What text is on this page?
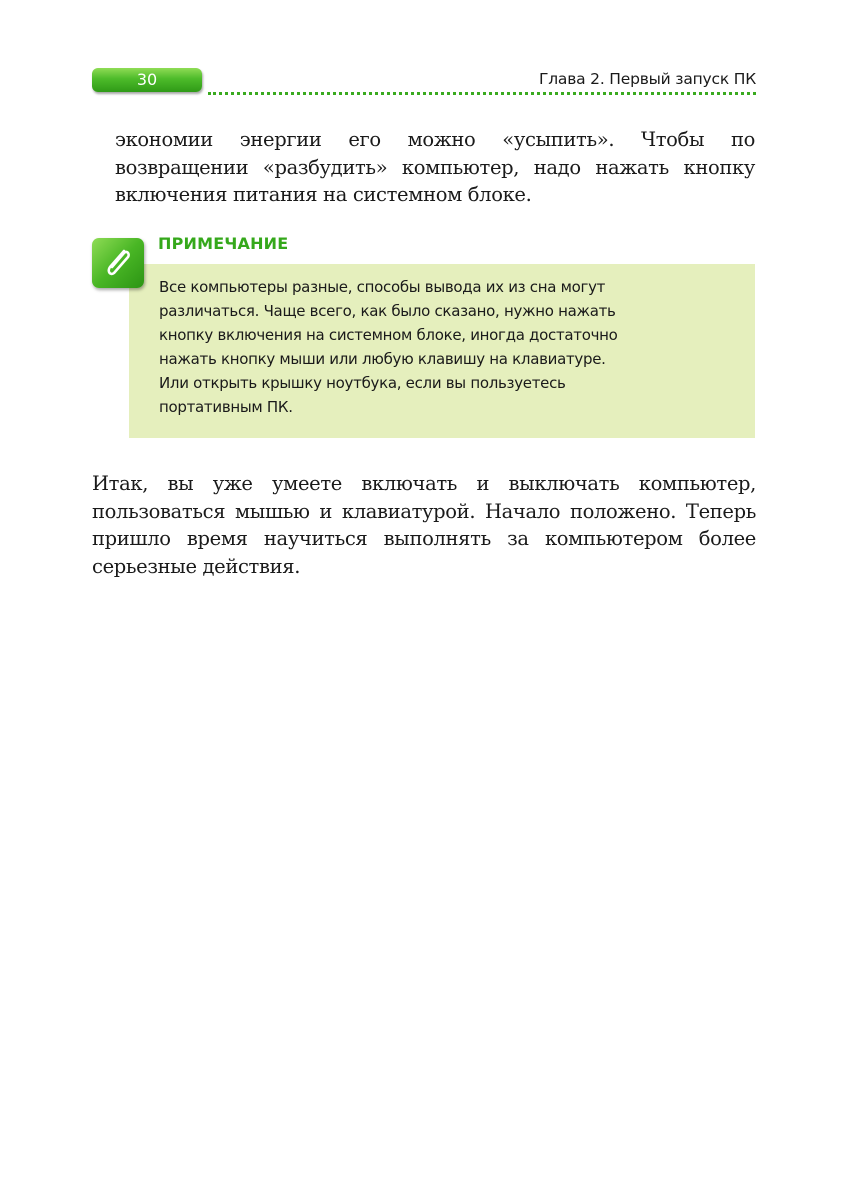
30	Глава 2. Первый запуск ПК

экономии энергии его можно «усыпить». Чтобы по возвращении «разбудить» компьютер, надо нажать кнопку включения питания на системном блоке.

Все компьютеры разные, способы вывода их из сна могут
различаться. Чаще всего, как было сказано, нужно нажать
кнопку включения на системном блоке, иногда достаточно
нажать кнопку мыши или любую клавишу на клавиатуре.
Или открыть крышку ноутбука, если вы пользуетесь
портативным ПК.

ПРИМЕЧАНИЕ

Итак, вы уже умеете включать и выключать компьютер, пользоваться мышью и клавиатурой. Начало положено. Теперь пришло время научиться выполнять за компьютером более серьезные действия.
